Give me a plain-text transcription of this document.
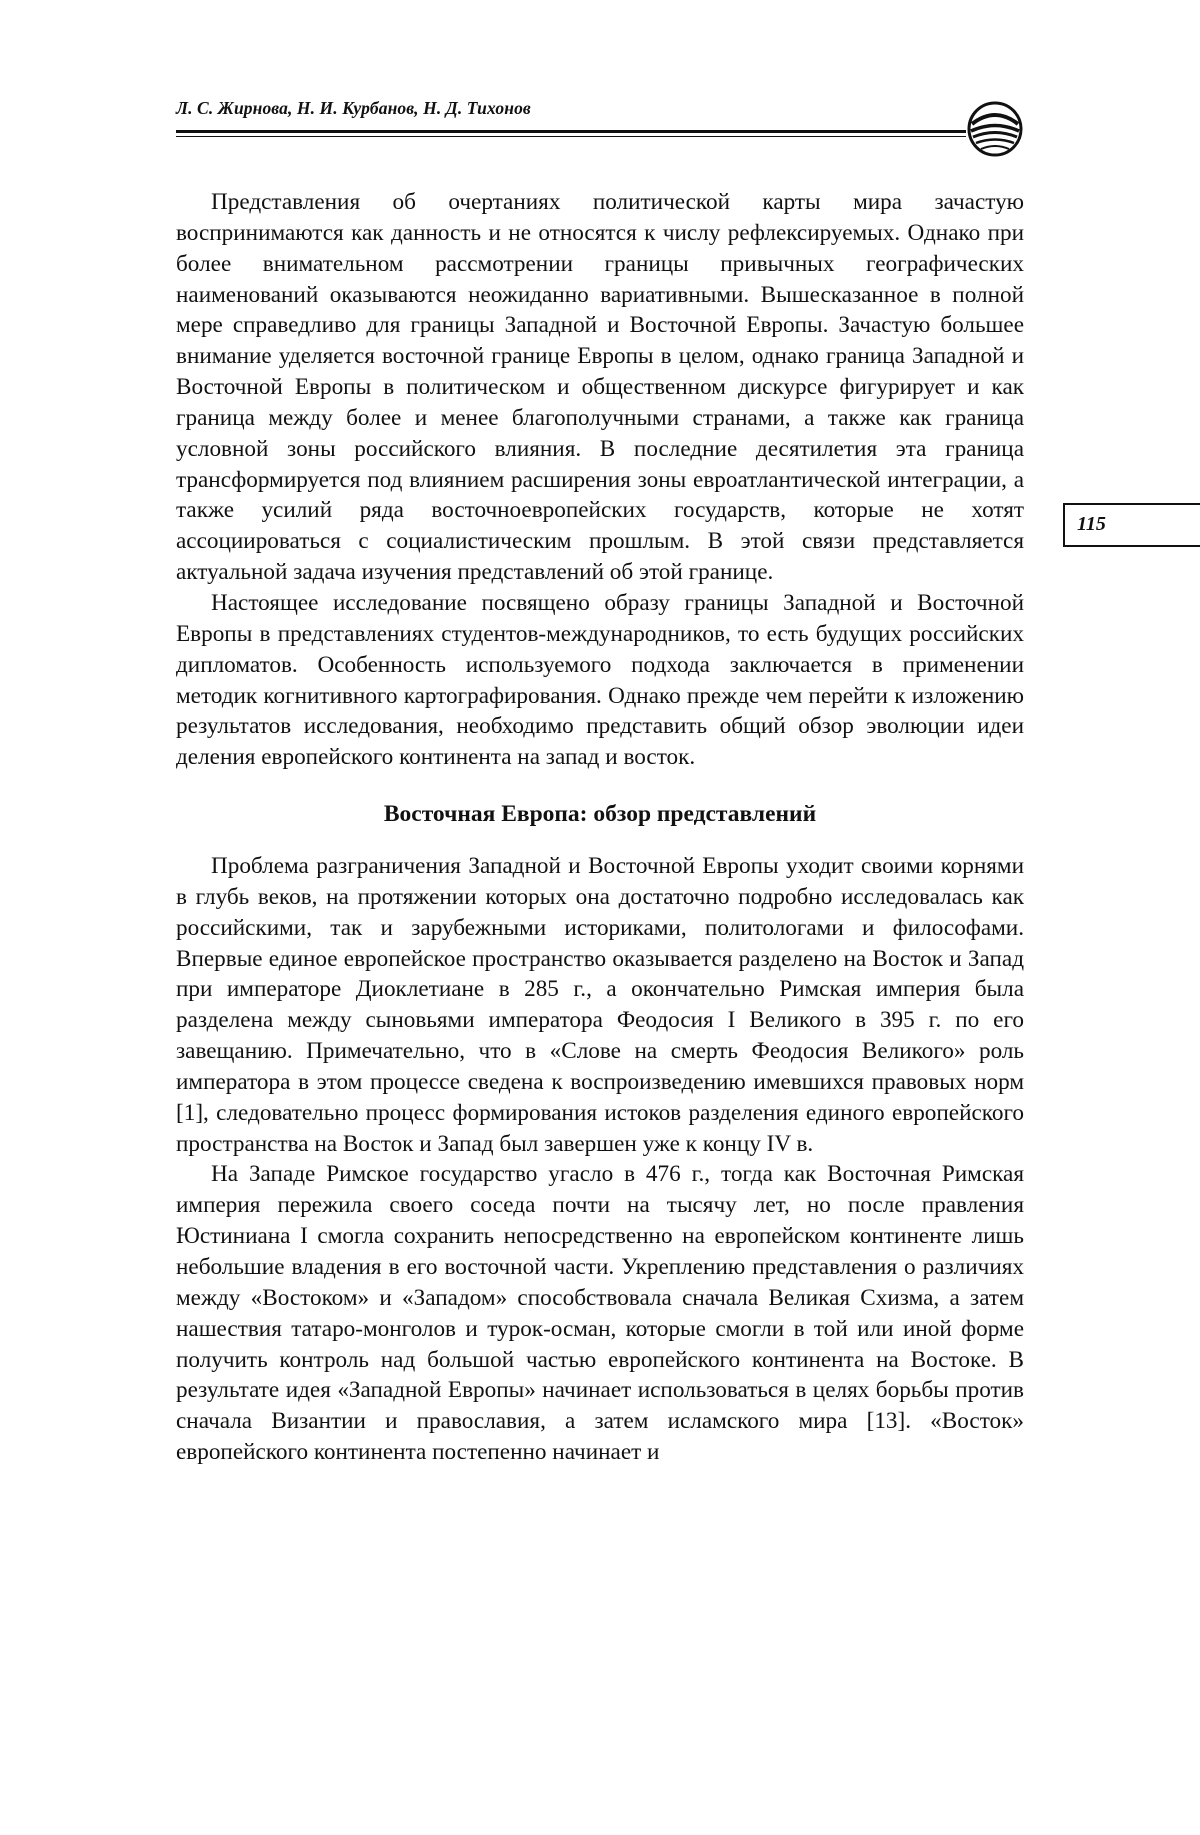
Л. С. Жирнова, Н. И. Курбанов, Н. Д. Тихонов
115

Представления об очертаниях политической карты мира зачастую воспринимаются как данность и не относятся к числу рефлексируемых. Однако при более внимательном рассмотрении границы привычных географических наименований оказываются неожиданно вариативными. Вышесказанное в полной мере справедливо для границы Западной и Восточной Европы. Зачастую большее внимание уделяется восточной границе Европы в целом, однако граница Западной и Восточной Европы в политическом и общественном дискурсе фигурирует и как граница между более и менее благополучными странами, а также как граница условной зоны российского влияния. В последние десятилетия эта граница трансформируется под влиянием расширения зоны евроатлантической интеграции, а также усилий ряда восточноевропейских государств, которые не хотят ассоциироваться с социалистическим прошлым. В этой связи представляется актуальной задача изучения представлений об этой границе.

Настоящее исследование посвящено образу границы Западной и Восточной Европы в представлениях студентов-международников, то есть будущих российских дипломатов. Особенность используемого подхода заключается в применении методик когнитивного картографирования. Однако прежде чем перейти к изложению результатов исследования, необходимо представить общий обзор эволюции идеи деления европейского континента на запад и восток.

Восточная Европа: обзор представлений

Проблема разграничения Западной и Восточной Европы уходит своими корнями в глубь веков, на протяжении которых она достаточно подробно исследовалась как российскими, так и зарубежными историками, политологами и философами. Впервые единое европейское пространство оказывается разделено на Восток и Запад при императоре Диоклетиане в 285 г., а окончательно Римская империя была разделена между сыновьями императора Феодосия I Великого в 395 г. по его завещанию. Примечательно, что в «Слове на смерть Феодосия Великого» роль императора в этом процессе сведена к воспроизведению имевшихся правовых норм [1], следовательно процесс формирования истоков разделения единого европейского пространства на Восток и Запад был завершен уже к концу IV в.

На Западе Римское государство угасло в 476 г., тогда как Восточная Римская империя пережила своего соседа почти на тысячу лет, но после правления Юстиниана I смогла сохранить непосредственно на европейском континенте лишь небольшие владения в его восточной части. Укреплению представления о различиях между «Востоком» и «Западом» способствовала сначала Великая Схизма, а затем нашествия татаро-монголов и турок-осман, которые смогли в той или иной форме получить контроль над большой частью европейского континента на Востоке. В результате идея «Западной Европы» начинает использоваться в целях борьбы против сначала Византии и православия, а затем исламского мира [13]. «Восток» европейского континента постепенно начинает и
